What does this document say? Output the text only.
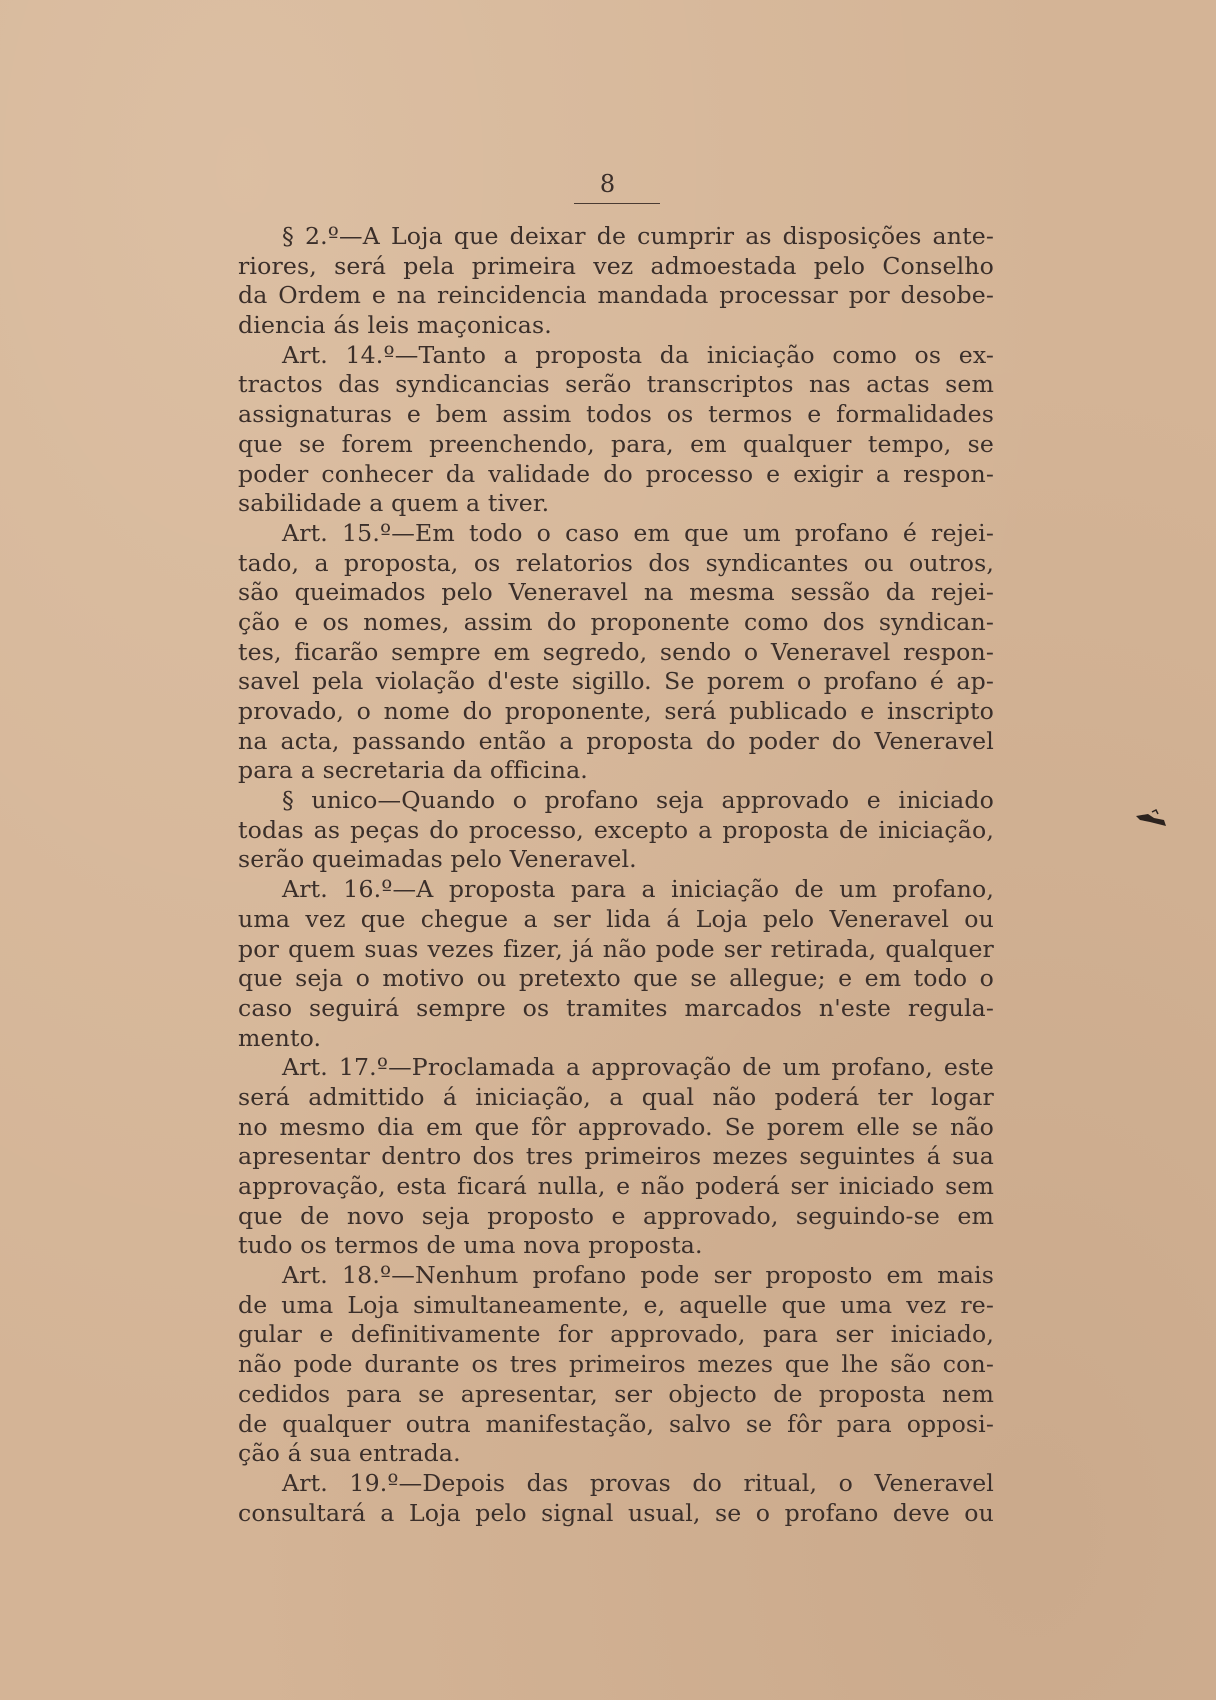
8
§ 2.º—A Loja que deixar de cumprir as disposições ante-
riores, será pela primeira vez admoestada pelo Conselho
da Ordem e na reincidencia mandada processar por desobe-
diencia ás leis maçonicas.
Art. 14.º—Tanto a proposta da iniciação como os ex-
tractos das syndicancias serão transcriptos nas actas sem
assignaturas e bem assim todos os termos e formalidades
que se forem preenchendo, para, em qualquer tempo, se
poder conhecer da validade do processo e exigir a respon-
sabilidade a quem a tiver.
Art. 15.º—Em todo o caso em que um profano é rejei-
tado, a proposta, os relatorios dos syndicantes ou outros,
são queimados pelo Veneravel na mesma sessão da rejei-
ção e os nomes, assim do proponente como dos syndican-
tes, ficarão sempre em segredo, sendo o Veneravel respon-
savel pela violação d'este sigillo. Se porem o profano é ap-
provado, o nome do proponente, será publicado e inscripto
na acta, passando então a proposta do poder do Veneravel
para a secretaria da officina.
§ unico—Quando o profano seja approvado e iniciado
todas as peças do processo, excepto a proposta de iniciação,
serão queimadas pelo Veneravel.
Art. 16.º—A proposta para a iniciação de um profano,
uma vez que chegue a ser lida á Loja pelo Veneravel ou
por quem suas vezes fizer, já não pode ser retirada, qualquer
que seja o motivo ou pretexto que se allegue; e em todo o
caso seguirá sempre os tramites marcados n'este regula-
mento.
Art. 17.º—Proclamada a approvação de um profano, este
será admittido á iniciação, a qual não poderá ter logar
no mesmo dia em que fôr approvado. Se porem elle se não
apresentar dentro dos tres primeiros mezes seguintes á sua
approvação, esta ficará nulla, e não poderá ser iniciado sem
que de novo seja proposto e approvado, seguindo-se em
tudo os termos de uma nova proposta.
Art. 18.º—Nenhum profano pode ser proposto em mais
de uma Loja simultaneamente, e, aquelle que uma vez re-
gular e definitivamente for approvado, para ser iniciado,
não pode durante os tres primeiros mezes que lhe são con-
cedidos para se apresentar, ser objecto de proposta nem
de qualquer outra manifestação, salvo se fôr para opposi-
ção á sua entrada.
Art. 19.º—Depois das provas do ritual, o Veneravel
consultará a Loja pelo signal usual, se o profano deve ou
